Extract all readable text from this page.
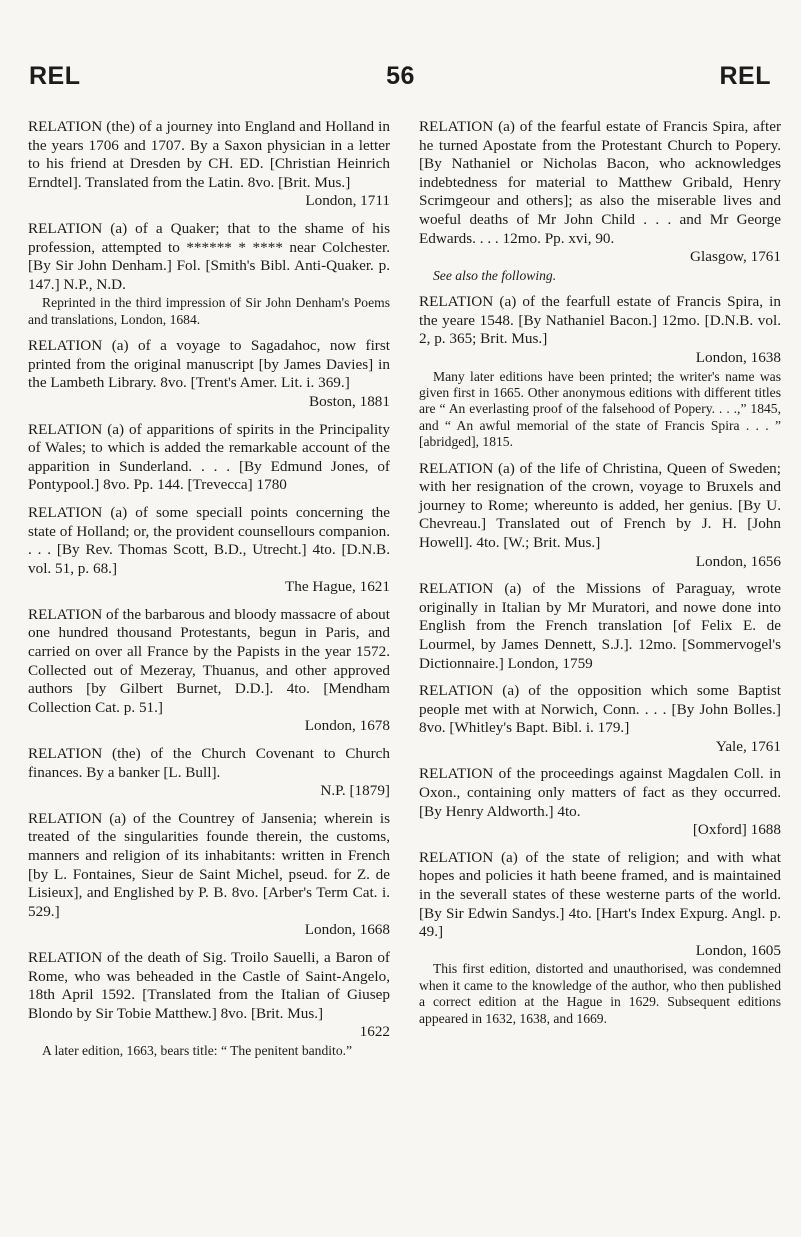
REL	56	REL

RELATION (the) of a journey into England and Holland in the years 1706 and 1707. By a Saxon physician in a letter to his friend at Dresden by CH. ED. [Christian Heinrich Erndtel]. Translated from the Latin. 8vo. [Brit. Mus.]
London, 1711

RELATION (a) of a Quaker; that to the shame of his profession, attempted to ****** * **** near Colchester. [By Sir John Denham.] Fol. [Smith's Bibl. Anti-Quaker. p. 147.] N.P., N.D.

Reprinted in the third impression of Sir John Denham's Poems and translations, London, 1684.

RELATION (a) of a voyage to Sagadahoc, now first printed from the original manuscript [by James Davies] in the Lambeth Library. 8vo. [Trent's Amer. Lit. i. 369.]
Boston, 1881

RELATION (a) of apparitions of spirits in the Principality of Wales; to which is added the remarkable account of the apparition in Sunderland. . . . [By Edmund Jones, of Pontypool.] 8vo. Pp. 144. [Trevecca] 1780

RELATION (a) of some speciall points concerning the state of Holland; or, the provident counsellours companion. . . . [By Rev. Thomas Scott, B.D., Utrecht.] 4to. [D.N.B. vol. 51, p. 68.]
The Hague, 1621

RELATION of the barbarous and bloody massacre of about one hundred thousand Protestants, begun in Paris, and carried on over all France by the Papists in the year 1572. Collected out of Mezeray, Thuanus, and other approved authors [by Gilbert Burnet, D.D.]. 4to. [Mendham Collection Cat. p. 51.]
London, 1678

RELATION (the) of the Church Covenant to Church finances. By a banker [L. Bull].
N.P. [1879]

RELATION (a) of the Countrey of Jansenia; wherein is treated of the singularities founde therein, the customs, manners and religion of its inhabitants: written in French [by L. Fontaines, Sieur de Saint Michel, pseud. for Z. de Lisieux], and Englished by P. B. 8vo. [Arber's Term Cat. i. 529.]
London, 1668

RELATION of the death of Sig. Troilo Sauelli, a Baron of Rome, who was beheaded in the Castle of Saint-Angelo, 18th April 1592. [Translated from the Italian of Giusep Blondo by Sir Tobie Matthew.] 8vo. [Brit. Mus.]
1622

A later edition, 1663, bears title: “ The penitent bandito.”

RELATION (a) of the fearful estate of Francis Spira, after he turned Apostate from the Protestant Church to Popery. [By Nathaniel or Nicholas Bacon, who acknowledges indebtedness for material to Matthew Gribald, Henry Scrimgeour and others]; as also the miserable lives and woeful deaths of Mr John Child . . . and Mr George Edwards. . . . 12mo. Pp. xvi, 90.
Glasgow, 1761

See also the following.

RELATION (a) of the fearfull estate of Francis Spira, in the yeare 1548. [By Nathaniel Bacon.] 12mo. [D.N.B. vol. 2, p. 365; Brit. Mus.]
London, 1638

Many later editions have been printed; the writer's name was given first in 1665. Other anonymous editions with different titles are “ An everlasting proof of the falsehood of Popery. . . .,” 1845, and “ An awful memorial of the state of Francis Spira . . . ” [abridged], 1815.

RELATION (a) of the life of Christina, Queen of Sweden; with her resignation of the crown, voyage to Bruxels and journey to Rome; whereunto is added, her genius. [By U. Chevreau.] Translated out of French by J. H. [John Howell]. 4to. [W.; Brit. Mus.]
London, 1656

RELATION (a) of the Missions of Paraguay, wrote originally in Italian by Mr Muratori, and nowe done into English from the French translation [of Felix E. de Lourmel, by James Dennett, S.J.]. 12mo. [Sommervogel's Dictionnaire.] London, 1759

RELATION (a) of the opposition which some Baptist people met with at Norwich, Conn. . . . [By John Bolles.] 8vo. [Whitley's Bapt. Bibl. i. 179.]
Yale, 1761

RELATION of the proceedings against Magdalen Coll. in Oxon., containing only matters of fact as they occurred. [By Henry Aldworth.] 4to.
[Oxford] 1688

RELATION (a) of the state of religion; and with what hopes and policies it hath beene framed, and is maintained in the severall states of these westerne parts of the world. [By Sir Edwin Sandys.] 4to. [Hart's Index Expurg. Angl. p. 49.]
London, 1605

This first edition, distorted and unauthorised, was condemned when it came to the knowledge of the author, who then published a correct edition at the Hague in 1629. Subsequent editions appeared in 1632, 1638, and 1669.
